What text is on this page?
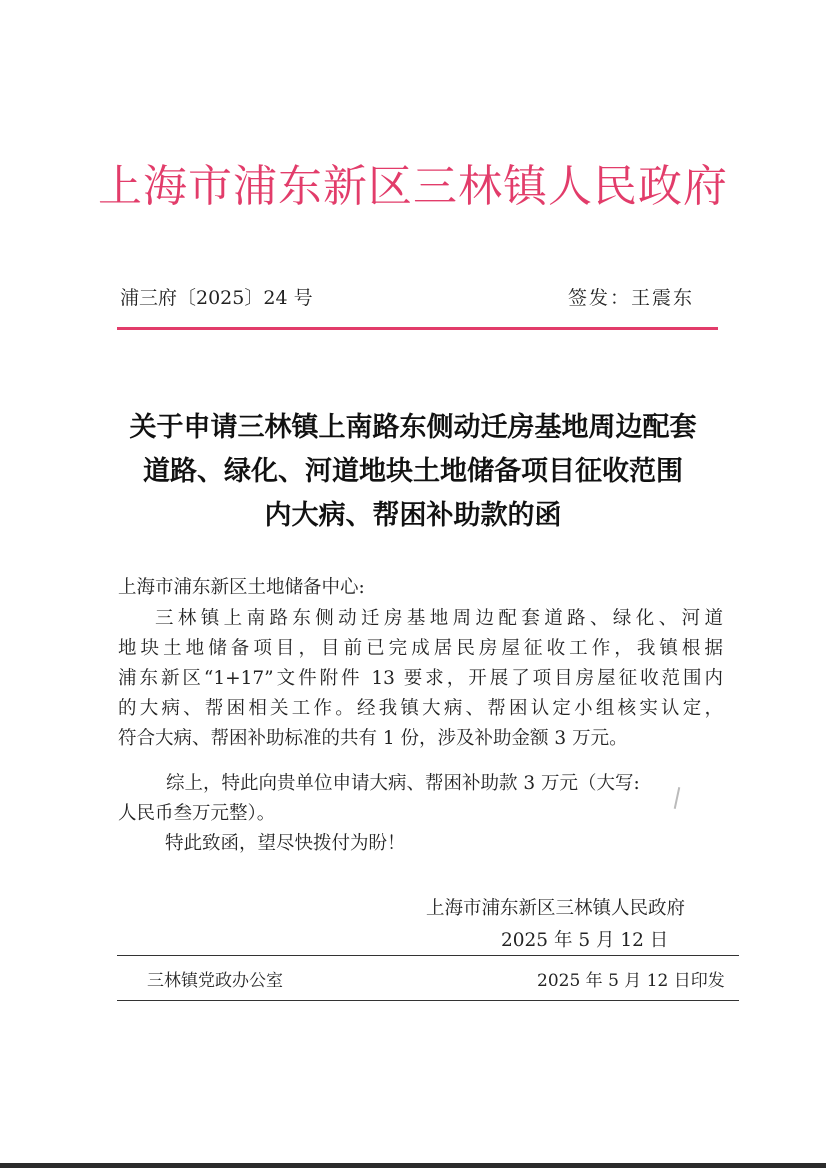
上海市浦东新区三林镇人民政府
浦三府〔2025〕24 号	签发：王震东
关于申请三林镇上南路东侧动迁房基地周边配套
道路、绿化、河道地块土地储备项目征收范围
内大病、帮困补助款的函
上海市浦东新区土地储备中心:
三林镇上南路东侧动迁房基地周边配套道路、绿化、河道
地块土地储备项目，目前已完成居民房屋征收工作，我镇根据
浦东新区“1+17”文件附件 13 要求，开展了项目房屋征收范围内
的大病、帮困相关工作。经我镇大病、帮困认定小组核实认定，
符合大病、帮困补助标准的共有 1 份，涉及补助金额 3 万元。
综上，特此向贵单位申请大病、帮困补助款 3 万元（大写:
人民币叁万元整）。
特此致函，望尽快拨付为盼！
上海市浦东新区三林镇人民政府
2025 年 5 月 12 日
三林镇党政办公室	2025 年 5 月 12 日印发
